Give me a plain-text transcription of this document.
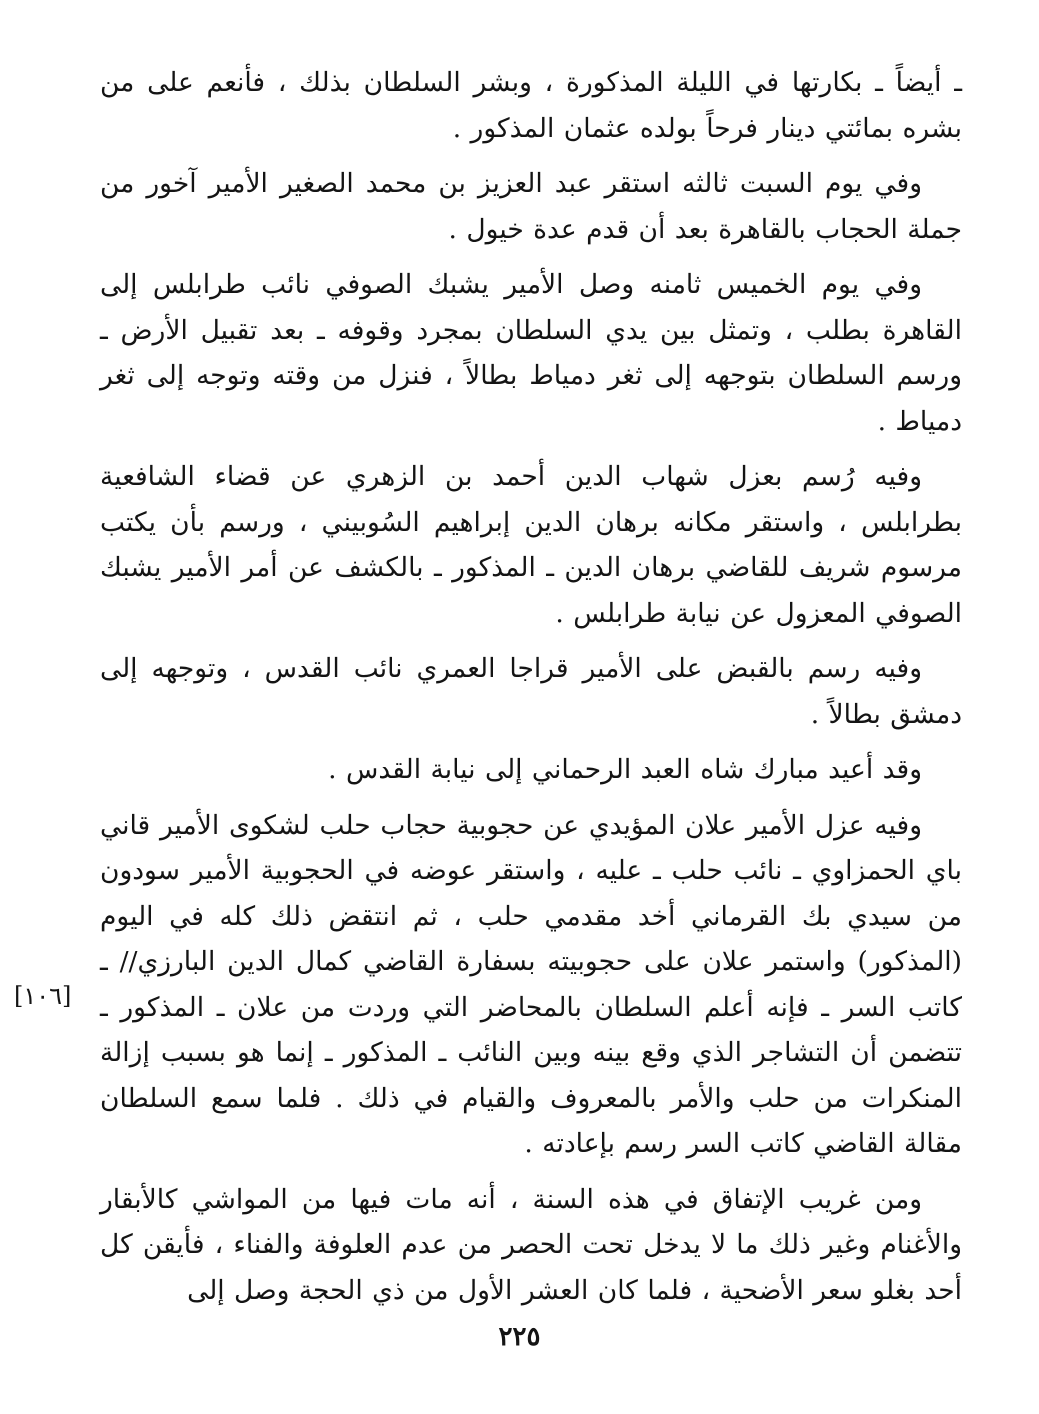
ـ أيضاً ـ بكارتها في الليلة المذكورة ، وبشر السلطان بذلك ، فأنعم على من بشره بمائتي دينار فرحاً بولده عثمان المذكور .

وفي يوم السبت ثالثه استقر عبد العزيز بن محمد الصغير الأمير آخور من جملة الحجاب بالقاهرة بعد أن قدم عدة خيول .

وفي يوم الخميس ثامنه وصل الأمير يشبك الصوفي نائب طرابلس إلى القاهرة بطلب ، وتمثل بين يدي السلطان بمجرد وقوفه ـ بعد تقبيل الأرض ـ ورسم السلطان بتوجهه إلى ثغر دمياط بطالاً ، فنزل من وقته وتوجه إلى ثغر دمياط .

وفيه رُسم بعزل شهاب الدين أحمد بن الزهري عن قضاء الشافعية بطرابلس ، واستقر مكانه برهان الدين إبراهيم السُوبيني ، ورسم بأن يكتب مرسوم شريف للقاضي برهان الدين ـ المذكور ـ بالكشف عن أمر الأمير يشبك الصوفي المعزول عن نيابة طرابلس .

وفيه رسم بالقبض على الأمير قراجا العمري نائب القدس ، وتوجهه إلى دمشق بطالاً .

وقد أعيد مبارك شاه العبد الرحماني إلى نيابة القدس .

وفيه عزل الأمير علان المؤيدي عن حجوبية حجاب حلب لشكوى الأمير قاني باي الحمزاوي ـ نائب حلب ـ عليه ، واستقر عوضه في الحجوبية الأمير سودون من سيدي بك القرماني أخد مقدمي حلب ، ثم انتقض ذلك كله في اليوم (المذكور) واستمر علان على حجوبيته بسفارة القاضي كمال الدين البارزي// ـ كاتب السر ـ فإنه أعلم السلطان بالمحاضر التي وردت من علان ـ المذكور ـ تتضمن أن التشاجر الذي وقع بينه وبين النائب ـ المذكور ـ إنما هو بسبب إزالة المنكرات من حلب والأمر بالمعروف والقيام في ذلك . فلما سمع السلطان مقالة القاضي كاتب السر رسم بإعادته .

ومن غريب الإتفاق في هذه السنة ، أنه مات فيها من المواشي كالأبقار والأغنام وغير ذلك ما لا يدخل تحت الحصر من عدم العلوفة والفناء ، فأيقن كل أحد بغلو سعر الأضحية ، فلما كان العشر الأول من ذي الحجة وصل إلى

[١٠٦]
٢٢٥
